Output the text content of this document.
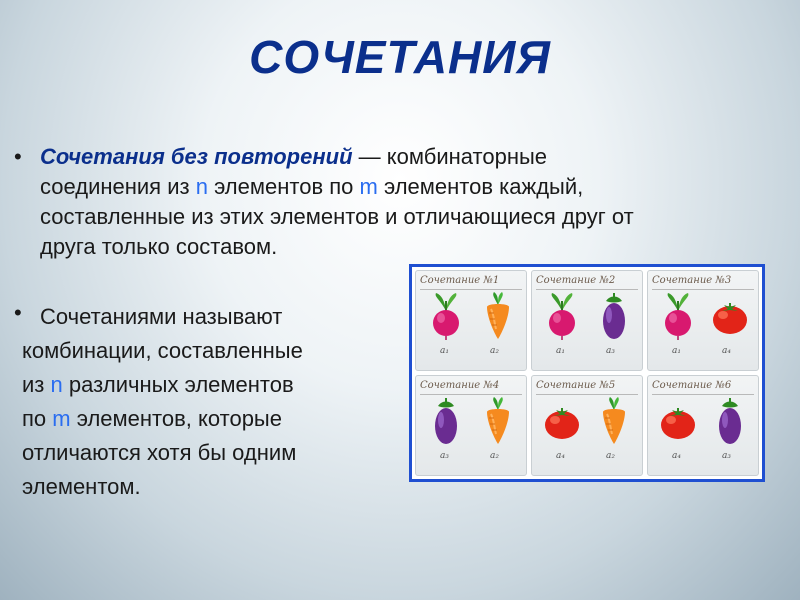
СОЧЕТАНИЯ
• Сочетания без повторений — комбинаторные
соединения из n элементов по m элементов каждый,
составленные из этих элементов и отличающиеся друг от
друга только составом.
• Сочетаниями называют
комбинации, составленные
из n различных элементов
по m элементов, которые
отличаются хотя бы одним
элементом.
Сочетание №1
a₁	a₂
Сочетание №2
a₁	a₃
Сочетание №3
a₁	a₄
Сочетание №4
a₃	a₂
Сочетание №5
a₄	a₂
Сочетание №6
a₄	a₃
